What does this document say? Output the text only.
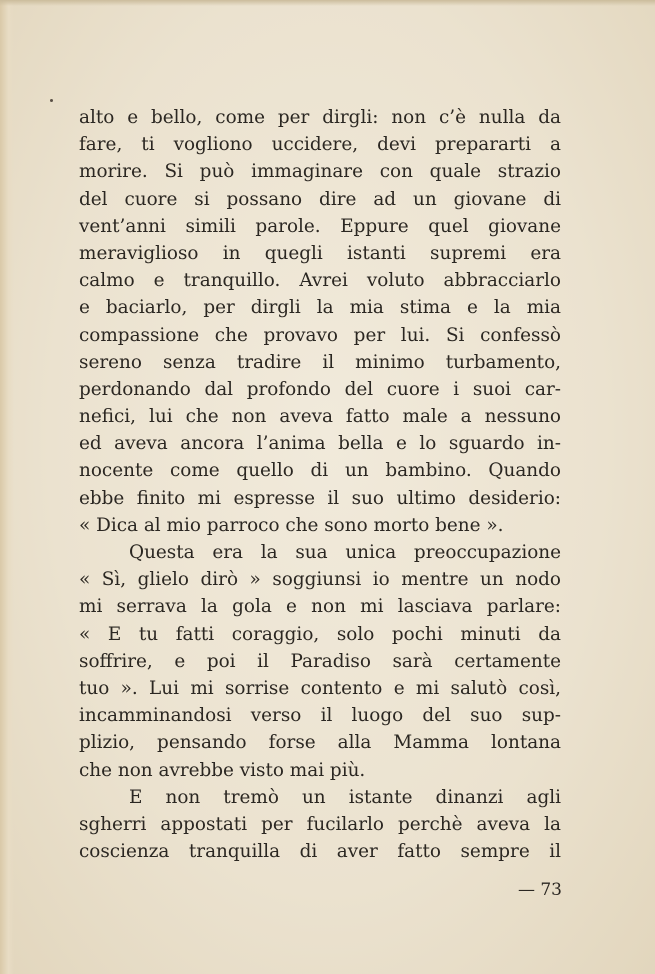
alto e bello, come per dirgli: non c’è nulla da
fare, ti vogliono uccidere, devi prepararti a
morire. Si può immaginare con quale strazio
del cuore si possano dire ad un giovane di
vent’anni simili parole. Eppure quel giovane
meraviglioso in quegli istanti supremi era
calmo e tranquillo. Avrei voluto abbracciarlo
e baciarlo, per dirgli la mia stima e la mia
compassione che provavo per lui. Si confessò
sereno senza tradire il minimo turbamento,
perdonando dal profondo del cuore i suoi car-
nefici, lui che non aveva fatto male a nessuno
ed aveva ancora l’anima bella e lo sguardo in-
nocente come quello di un bambino. Quando
ebbe finito mi espresse il suo ultimo desiderio:
« Dica al mio parroco che sono morto bene ».
Questa era la sua unica preoccupazione
« Sì, glielo dirò » soggiunsi io mentre un nodo
mi serrava la gola e non mi lasciava parlare:
« E tu fatti coraggio, solo pochi minuti da
soffrire, e poi il Paradiso sarà certamente
tuo ». Lui mi sorrise contento e mi salutò così,
incamminandosi verso il luogo del suo sup-
plizio, pensando forse alla Mamma lontana
che non avrebbe visto mai più.
E non tremò un istante dinanzi agli
sgherri appostati per fucilarlo perchè aveva la
coscienza tranquilla di aver fatto sempre il
— 73
